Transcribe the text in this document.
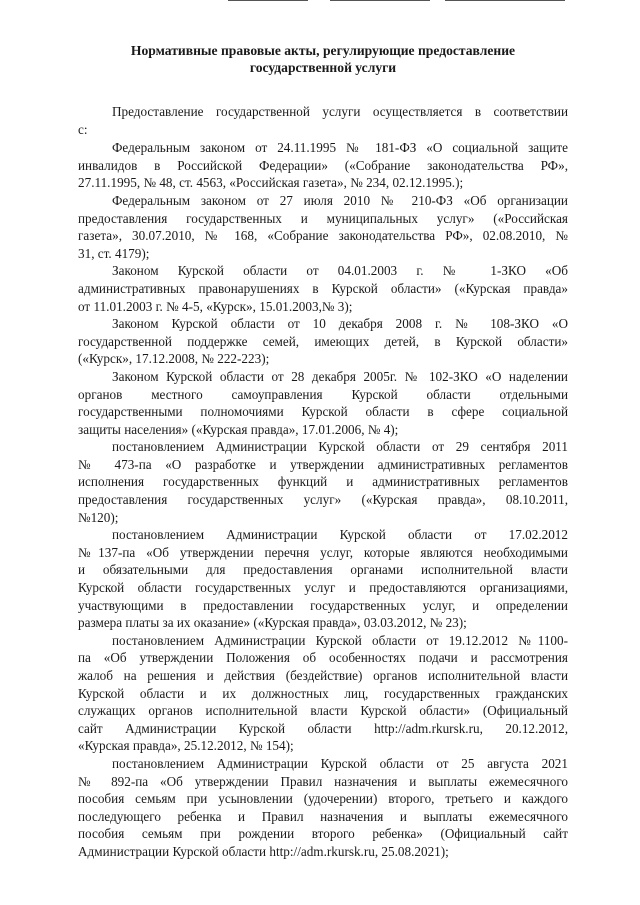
Нормативные правовые акты, регулирующие предоставление
государственной услуги
Предоставление государственной услуги осуществляется в соответствии
с:
Федеральным законом от 24.11.1995 № 181-ФЗ «О социальной защите
инвалидов в Российской Федерации» («Собрание законодательства РФ»,
27.11.1995, № 48, ст. 4563, «Российская газета», № 234, 02.12.1995.);
Федеральным законом от 27 июля 2010 № 210-ФЗ «Об организации
предоставления государственных и муниципальных услуг» («Российская
газета», 30.07.2010, № 168, «Собрание законодательства РФ», 02.08.2010, №
31, ст. 4179);
Законом Курской области от 04.01.2003 г. № 1-ЗКО «Об
административных правонарушениях в Курской области» («Курская правда»
от 11.01.2003 г. № 4-5, «Курск», 15.01.2003,№ 3);
Законом Курской области от 10 декабря 2008 г. № 108-ЗКО «О
государственной поддержке семей, имеющих детей, в Курской области»
(«Курск», 17.12.2008, № 222-223);
Законом Курской области от 28 декабря 2005г. № 102-ЗКО «О наделении
органов местного самоуправления Курской области отдельными
государственными полномочиями Курской области в сфере социальной
защиты населения» («Курская правда», 17.01.2006, № 4);
постановлением Администрации Курской области от 29 сентября 2011
№ 473-па «О разработке и утверждении административных регламентов
исполнения государственных функций и административных регламентов
предоставления государственных услуг» («Курская правда», 08.10.2011,
№120);
постановлением Администрации Курской области от 17.02.2012
№137-па «Об утверждении перечня услуг, которые являются необходимыми
и обязательными для предоставления органами исполнительной власти
Курской области государственных услуг и предоставляются организациями,
участвующими в предоставлении государственных услуг, и определении
размера платы за их оказание» («Курская правда», 03.03.2012, № 23);
постановлением Администрации Курской области от 19.12.2012 №1100-
па «Об утверждении Положения об особенностях подачи и рассмотрения
жалоб на решения и действия (бездействие) органов исполнительной власти
Курской области и их должностных лиц, государственных гражданских
служащих органов исполнительной власти Курской области» (Официальный
сайт Администрации Курской области http://adm.rkursk.ru, 20.12.2012,
«Курская правда», 25.12.2012, № 154);
постановлением Администрации Курской области от 25 августа 2021
№ 892-па «Об утверждении Правил назначения и выплаты ежемесячного
пособия семьям при усыновлении (удочерении) второго, третьего и каждого
последующего ребенка и Правил назначения и выплаты ежемесячного
пособия семьям при рождении второго ребенка» (Официальный сайт
Администрации Курской области http://adm.rkursk.ru, 25.08.2021);
